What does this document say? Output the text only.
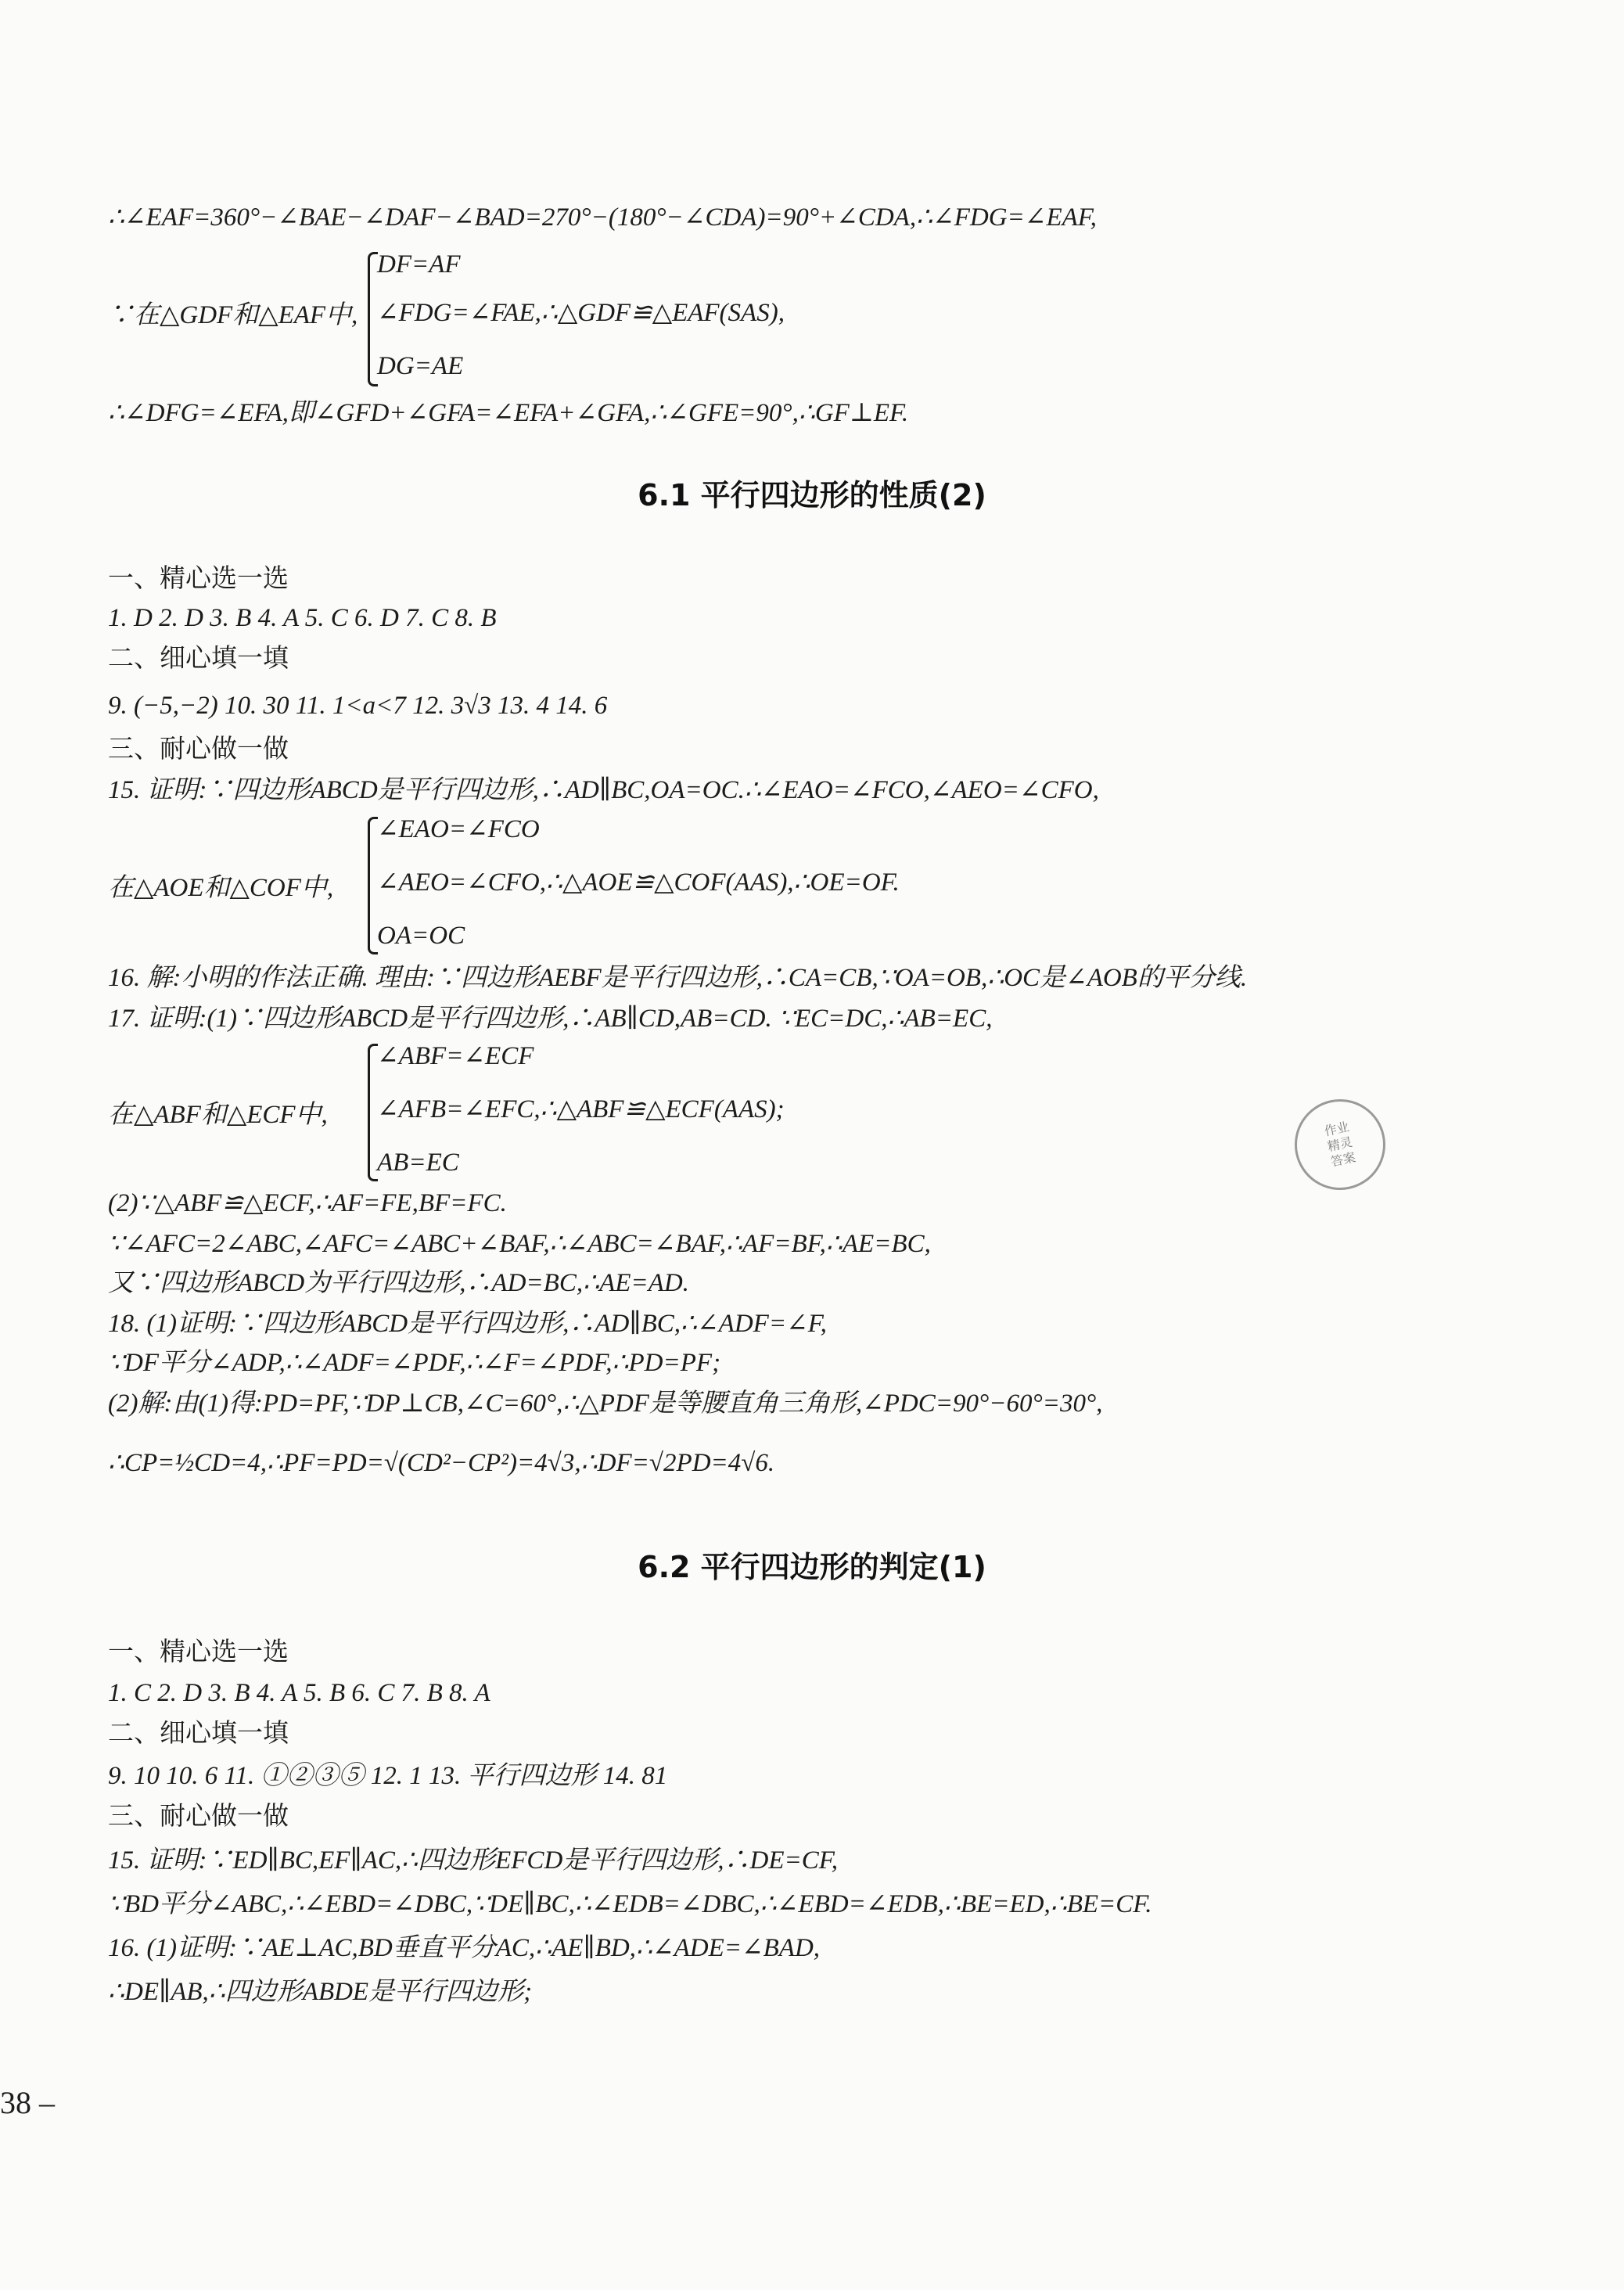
∴∠EAF=360°−∠BAE−∠DAF−∠BAD=270°−(180°−∠CDA)=90°+∠CDA,∴∠FDG=∠EAF,
∵在△GDF和△EAF中,
DF=AF
∠FDG=∠FAE,∴△GDF≌△EAF(SAS),
DG=AE
∴∠DFG=∠EFA,即∠GFD+∠GFA=∠EFA+∠GFA,∴∠GFE=90°,∴GF⊥EF.
6.1 平行四边形的性质(2)
一、精心选一选
1. D 2. D 3. B 4. A 5. C 6. D 7. C 8. B
二、细心填一填
9. (−5,−2) 10. 30 11. 1<a<7 12. 3√3 13. 4 14. 6
三、耐心做一做
15. 证明:∵四边形ABCD是平行四边形,∴AD∥BC,OA=OC.∴∠EAO=∠FCO,∠AEO=∠CFO,
在△AOE和△COF中,
∠EAO=∠FCO
∠AEO=∠CFO,∴△AOE≌△COF(AAS),∴OE=OF.
OA=OC
16. 解:小明的作法正确. 理由:∵四边形AEBF是平行四边形,∴CA=CB,∵OA=OB,∴OC是∠AOB的平分线.
17. 证明:(1)∵四边形ABCD是平行四边形,∴AB∥CD,AB=CD. ∵EC=DC,∴AB=EC,
在△ABF和△ECF中,
∠ABF=∠ECF
∠AFB=∠EFC,∴△ABF≌△ECF(AAS);
AB=EC
(2)∵△ABF≌△ECF,∴AF=FE,BF=FC.
∵∠AFC=2∠ABC,∠AFC=∠ABC+∠BAF,∴∠ABC=∠BAF,∴AF=BF,∴AE=BC,
又∵四边形ABCD为平行四边形,∴AD=BC,∴AE=AD.
18. (1)证明:∵四边形ABCD是平行四边形,∴AD∥BC,∴∠ADF=∠F,
∵DF平分∠ADP,∴∠ADF=∠PDF,∴∠F=∠PDF,∴PD=PF;
(2)解:由(1)得:PD=PF,∵DP⊥CB,∠C=60°,∴△PDF是等腰直角三角形,∠PDC=90°−60°=30°,
∴CP=½CD=4,∴PF=PD=√(CD²−CP²)=4√3,∴DF=√2PD=4√6.
6.2 平行四边形的判定(1)
一、精心选一选
1. C 2. D 3. B 4. A 5. B 6. C 7. B 8. A
二、细心填一填
9. 10 10. 6 11. ①②③⑤ 12. 1 13. 平行四边形 14. 81
三、耐心做一做
15. 证明:∵ED∥BC,EF∥AC,∴四边形EFCD是平行四边形,∴DE=CF,
∵BD平分∠ABC,∴∠EBD=∠DBC,∵DE∥BC,∴∠EDB=∠DBC,∴∠EBD=∠EDB,∴BE=ED,∴BE=CF.
16. (1)证明:∵AE⊥AC,BD垂直平分AC,∴AE∥BD,∴∠ADE=∠BAD,
∴DE∥AB,∴四边形ABDE是平行四边形;
38 –
作业
精灵
答案
